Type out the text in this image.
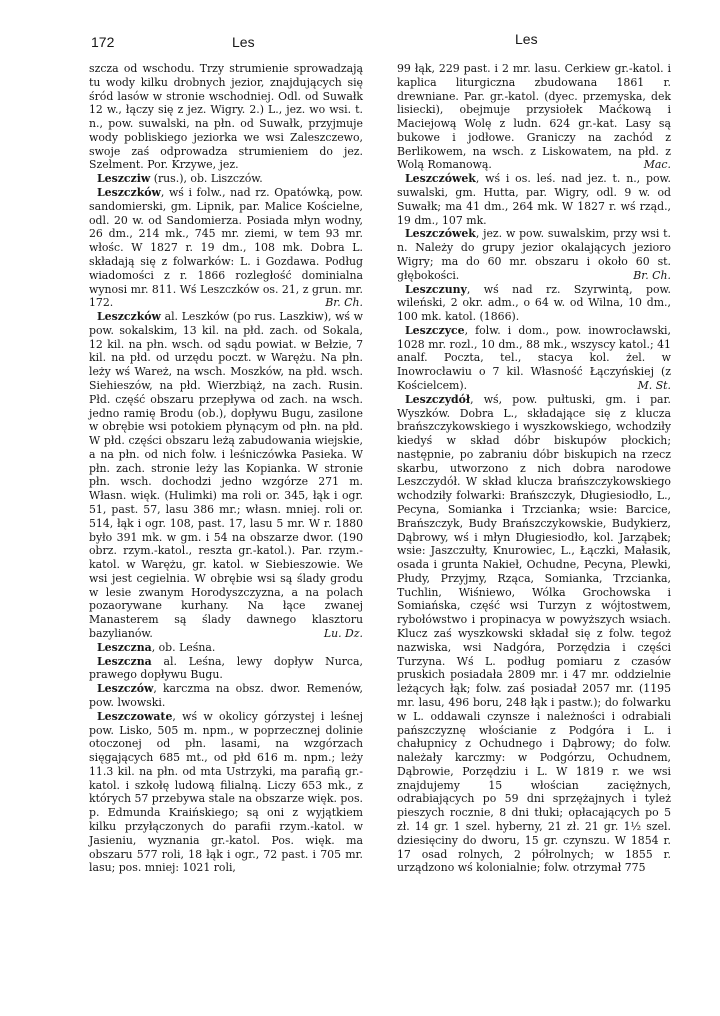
172	Les	Les

szcza od wschodu. Trzy strumienie sprowadzają tu wody kilku drobnych jezior, znajdujących się śród lasów w stronie wschodniej. Odl. od Suwałk 12 w., łączy się z jez. Wigry. 2.) L., jez. wo wsi. t. n., pow. suwalski, na płn. od Suwałk, przyjmuje wody pobliskiego jeziorka we wsi Zaleszczewo, swoje zaś odprowadza strumieniem do jez. Szelment. Por. Krzywe, jez.

Leszcziw (rus.), ob. Liszczów.

Leszczków, wś i folw., nad rz. Opatówką, pow. sandomierski, gm. Lipnik, par. Malice Kościelne, odl. 20 w. od Sandomierza. Posiada młyn wodny, 26 dm., 214 mk., 745 mr. ziemi, w tem 93 mr. włośc. W 1827 r. 19 dm., 108 mk. Dobra L. składają się z folwarków: L. i Gozdawa. Podług wiadomości z r. 1866 rozległość dominialna wynosi mr. 811. Wś Leszczków os. 21, z grun. mr. 172.	Br. Ch.

Leszczków al. Leszków (po rus. Laszkiw), wś w pow. sokalskim, 13 kil. na płd. zach. od Sokala, 12 kil. na płn. wsch. od sądu powiat. w Bełzie, 7 kil. na płd. od urzędu poczt. w Warężu. Na płn. leży wś Wareż, na wsch. Moszków, na płd. wsch. Siehieszów, na płd. Wierzbiąż, na zach. Rusin. Płd. część obszaru przepływa od zach. na wsch. jedno ramię Brodu (ob.), dopływu Bugu, zasilone w obrębie wsi potokiem płynącym od płn. na płd. W płd. części obszaru leżą zabudowania wiejskie, a na płn. od nich folw. i leśniczówka Pasieka. W płn. zach. stronie leży las Kopianka. W stronie płn. wsch. dochodzi jedno wzgórze 271 m. Własn. więk. (Hulimki) ma roli or. 345, łąk i ogr. 51, past. 57, lasu 386 mr.; własn. mniej. roli or. 514, łąk i ogr. 108, past. 17, lasu 5 mr. W r. 1880 było 391 mk. w gm. i 54 na obszarze dwor. (190 obrz. rzym.-katol., reszta gr.-katol.). Par. rzym.-katol. w Warężu, gr. katol. w Siebieszowie. We wsi jest cegielnia. W obrębie wsi są ślady grodu w lesie zwanym Horodyszczyzna, a na polach pozaorywane kurhany. Na łące zwanej Manasterem są ślady dawnego klasztoru bazylianów.	Lu. Dz.

Leszczna, ob. Leśna.

Leszczna al. Leśna, lewy dopływ Nurca, prawego dopływu Bugu.

Leszczów, karczma na obsz. dwor. Remenów, pow. lwowski.

Leszczowate, wś w okolicy górzystej i leśnej pow. Lisko, 505 m. npm., w poprzecznej dolinie otoczonej od płn. lasami, na wzgórzach sięgających 685 mt., od płd 616 m. npm.; leży 11.3 kil. na płn. od mta Ustrzyki, ma parafią gr.-katol. i szkołę ludową filialną. Liczy 653 mk., z których 57 przebywa stale na obszarze więk. pos. p. Edmunda Kraińskiego; są oni z wyjątkiem kilku przyłączonych do parafii rzym.-katol. w Jasieniu, wyznania gr.-katol. Pos. więk. ma obszaru 577 roli, 18 łąk i ogr., 72 past. i 705 mr. lasu; pos. mniej: 1021 roli,

99 łąk, 229 past. i 2 mr. lasu. Cerkiew gr.-katol. i kaplica liturgiczna zbudowana 1861 r. drewniane. Par. gr.-katol. (dyec. przemyska, dek lisiecki), obejmuje przysiołek Maćkową i Maciejową Wolę z ludn. 624 gr.-kat. Lasy są bukowe i jodłowe. Graniczy na zachód z Berlikowem, na wsch. z Liskowatem, na płd. z Wolą Romanową.	Mac.

Leszczówek, wś i os. leś. nad jez. t. n., pow. suwalski, gm. Hutta, par. Wigry, odl. 9 w. od Suwałk; ma 41 dm., 264 mk. W 1827 r. wś rząd., 19 dm., 107 mk.

Leszczówek, jez. w pow. suwalskim, przy wsi t. n. Należy do grupy jezior okalających jezioro Wigry; ma do 60 mr. obszaru i około 60 st. głębokości.	Br. Ch.

Leszczuny, wś nad rz. Szyrwintą, pow. wileński, 2 okr. adm., o 64 w. od Wilna, 10 dm., 100 mk. katol. (1866).

Leszczyce, folw. i dom., pow. inowrocławski, 1028 mr. rozl., 10 dm., 88 mk., wszyscy katol.; 41 analf. Poczta, tel., stacya kol. żel. w Inowrocławiu o 7 kil. Własność Łączyńskiej (z Kościelcem).	M. St.

Leszczydół, wś, pow. pułtuski, gm. i par. Wyszków. Dobra L., składające się z klucza brańszczykowskiego i wyszkowskiego, wchodziły kiedyś w skład dóbr biskupów płockich; następnie, po zabraniu dóbr biskupich na rzecz skarbu, utworzono z nich dobra narodowe Leszczydół. W skład klucza brańszczykowskiego wchodziły folwarki: Brańszczyk, Długiesiodło, L., Pecyna, Somianka i Trzcianka; wsie: Barcice, Brańszczyk, Budy Brańszczykowskie, Budykierz, Dąbrowy, wś i młyn Długiesiodło, kol. Jarząbek; wsie: Jaszczułty, Knurowiec, L., Łączki, Małasik, osada i grunta Nakieł, Ochudne, Pecyna, Plewki, Płudy, Przyjmy, Rząca, Somianka, Trzcianka, Tuchlin, Wiśniewo, Wólka Grochowska i Somiańska, część wsi Turzyn z wójtostwem, rybołówstwo i propinacya w powyższych wsiach. Klucz zaś wyszkowski składał się z folw. tegoż nazwiska, wsi Nadgóra, Porzędzia i części Turzyna. Wś L. podług pomiaru z czasów pruskich posiadała 2809 mr. i 47 mr. oddzielnie leżących łąk; folw. zaś posiadał 2057 mr. (1195 mr. lasu, 496 boru, 248 łąk i pastw.); do folwarku w L. oddawali czynsze i należności i odrabiali pańszczyznę włościanie z Podgóra i L. i chałupnicy z Ochudnego i Dąbrowy; do folw. należały karczmy: w Podgórzu, Ochudnem, Dąbrowie, Porzędziu i L. W 1819 r. we wsi znajdujemy 15 włościan zaciężnych, odrabiających po 59 dni sprzężajnych i tyleż pieszych rocznie, 8 dni tłuki; opłacających po 5 zł. 14 gr. 1 szel. hyberny, 21 zł. 21 gr. 1½ szel. dziesięciny do dworu, 15 gr. czynszu. W 1854 r. 17 osad rolnych, 2 półrolnych; w 1855 r. urządzono wś kolonialnie; folw. otrzymał 775
